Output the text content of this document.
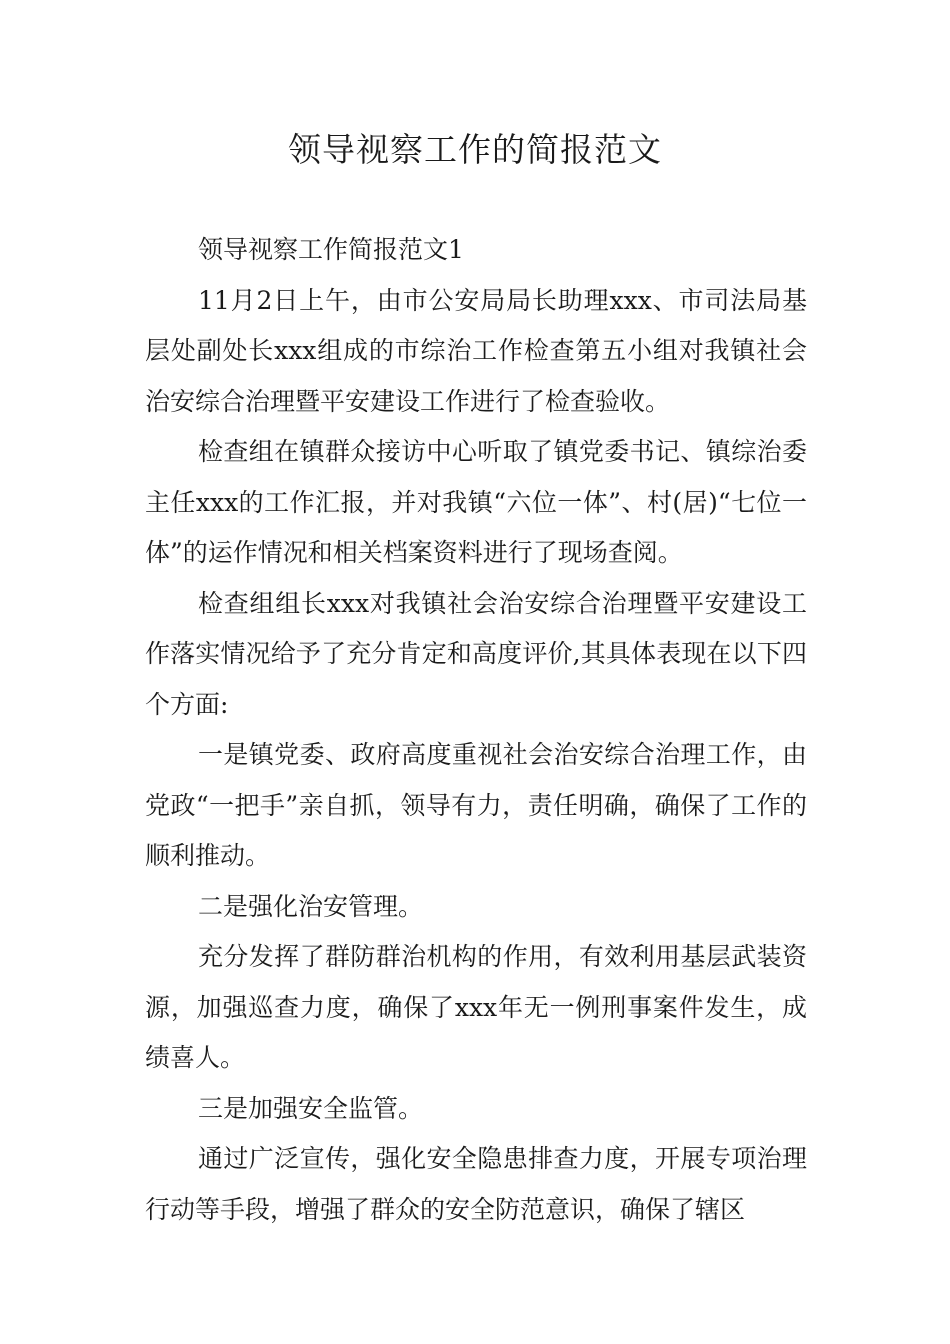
领导视察工作的简报范文

领导视察工作简报范文1

11月2日上午，由市公安局局长助理xxx、市司法局基层处副处长xxx组成的市综治工作检查第五小组对我镇社会治安综合治理暨平安建设工作进行了检查验收。

检查组在镇群众接访中心听取了镇党委书记、镇综治委主任xxx的工作汇报，并对我镇“六位一体”、村(居)“七位一体”的运作情况和相关档案资料进行了现场查阅。

检查组组长xxx对我镇社会治安综合治理暨平安建设工作落实情况给予了充分肯定和高度评价,其具体表现在以下四个方面:

一是镇党委、政府高度重视社会治安综合治理工作，由党政“一把手”亲自抓，领导有力，责任明确，确保了工作的顺利推动。

二是强化治安管理。

充分发挥了群防群治机构的作用，有效利用基层武装资源，加强巡查力度，确保了xxx年无一例刑事案件发生，成绩喜人。

三是加强安全监管。

通过广泛宣传，强化安全隐患排查力度，开展专项治理行动等手段，增强了群众的安全防范意识，确保了辖区
